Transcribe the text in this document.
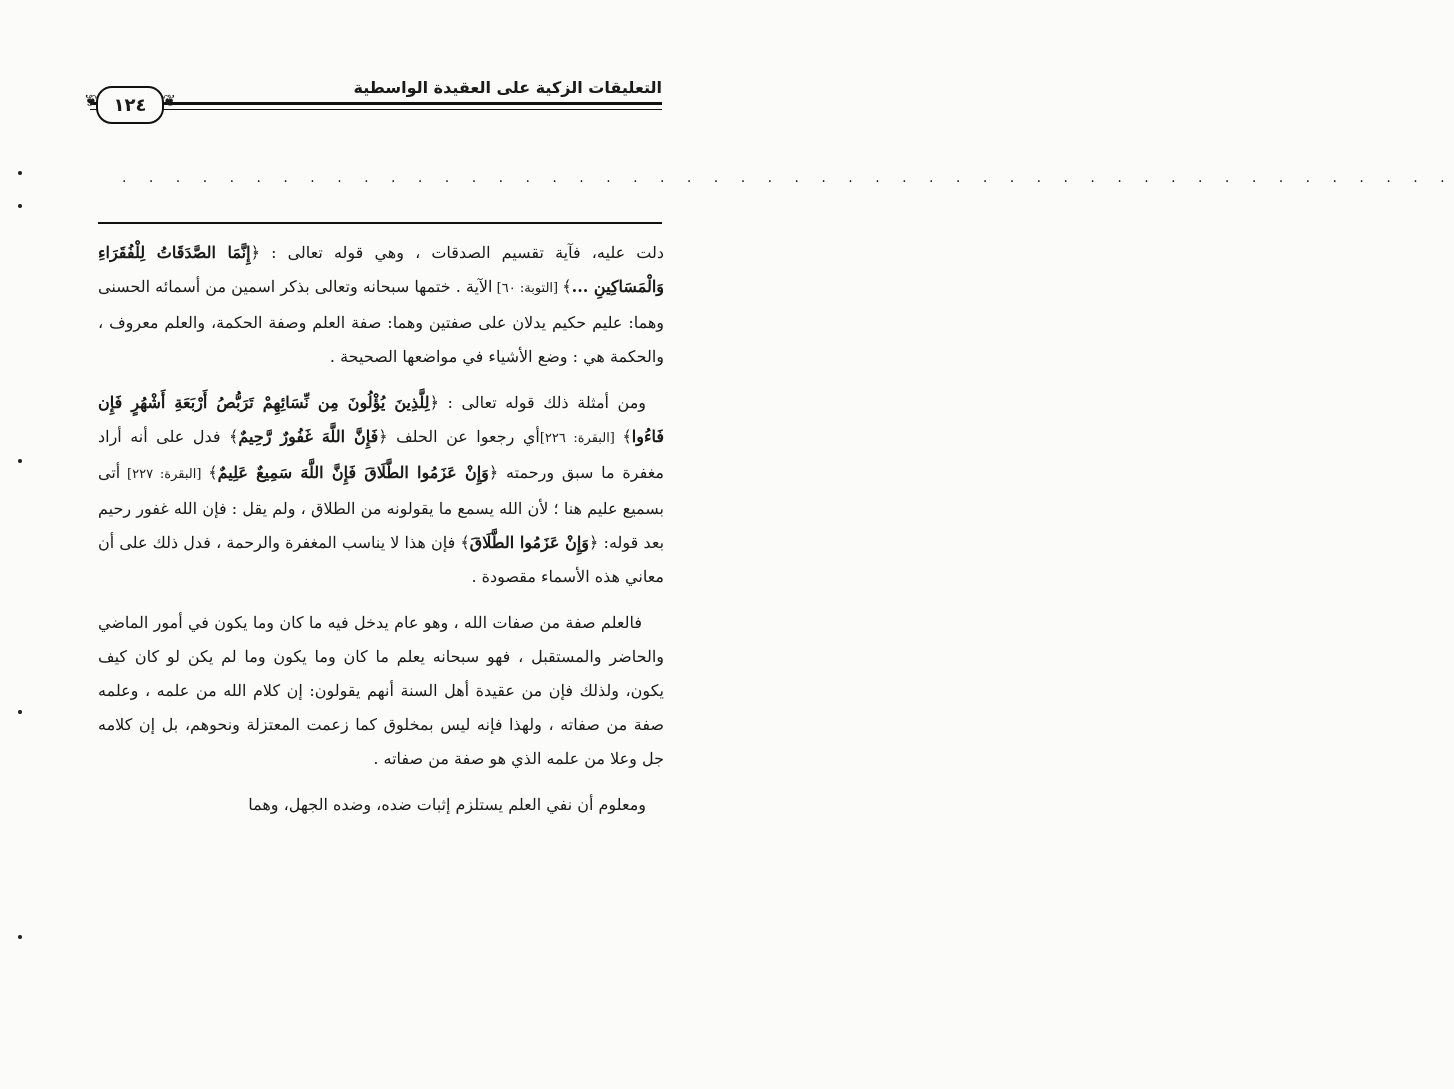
التعليقات الزكية على العقيدة الواسطية
❦ ١٢٤
❦
. . . . . . . . . . . . . . . . . . . . . . . . . . . . . . . . . . . . . . . . . . . . . . . . . .

دلت عليه، فآية تقسيم الصدقات ، وهي قوله تعالى : ﴿إِنَّمَا الصَّدَقَاتُ لِلْفُقَرَاءِ وَالْمَسَاكِينِ ...﴾ [التوبة: ٦٠] الآية . ختمها سبحانه وتعالى بذكر اسمين من أسمائه الحسنى وهما: عليم حكيم يدلان على صفتين وهما: صفة العلم وصفة الحكمة، والعلم معروف ، والحكمة هي : وضع الأشياء في مواضعها الصحيحة .

ومن أمثلة ذلك قوله تعالى : ﴿لِلَّذِينَ يُؤْلُونَ مِن نِّسَائِهِمْ تَرَبُّصُ أَرْبَعَةِ أَشْهُرٍ فَإِن فَاءُوا﴾ [البقرة: ٢٢٦]أي رجعوا عن الحلف ﴿فَإِنَّ اللَّهَ غَفُورٌ رَّحِيمٌ﴾ فدل على أنه أراد مغفرة ما سبق ورحمته ﴿وَإِنْ عَزَمُوا الطَّلَاقَ فَإِنَّ اللَّهَ سَمِيعٌ عَلِيمٌ﴾ [البقرة: ٢٢٧] أتى بسميع عليم هنا ؛ لأن الله يسمع ما يقولونه من الطلاق ، ولم يقل : فإن الله غفور رحيم بعد قوله: ﴿وَإِنْ عَزَمُوا الطَّلَاقَ﴾ فإن هذا لا يناسب المغفرة والرحمة ، فدل ذلك على أن معاني هذه الأسماء مقصودة .

فالعلم صفة من صفات الله ، وهو عام يدخل فيه ما كان وما يكون في أمور الماضي والحاضر والمستقبل ، فهو سبحانه يعلم ما كان وما يكون وما لم يكن لو كان كيف يكون، ولذلك فإن من عقيدة أهل السنة أنهم يقولون: إن كلام الله من علمه ، وعلمه صفة من صفاته ، ولهذا فإنه ليس بمخلوق كما زعمت المعتزلة ونحوهم، بل إن كلامه جل وعلا من علمه الذي هو صفة من صفاته .

ومعلوم أن نفي العلم يستلزم إثبات ضده، وضده الجهل، وهما
